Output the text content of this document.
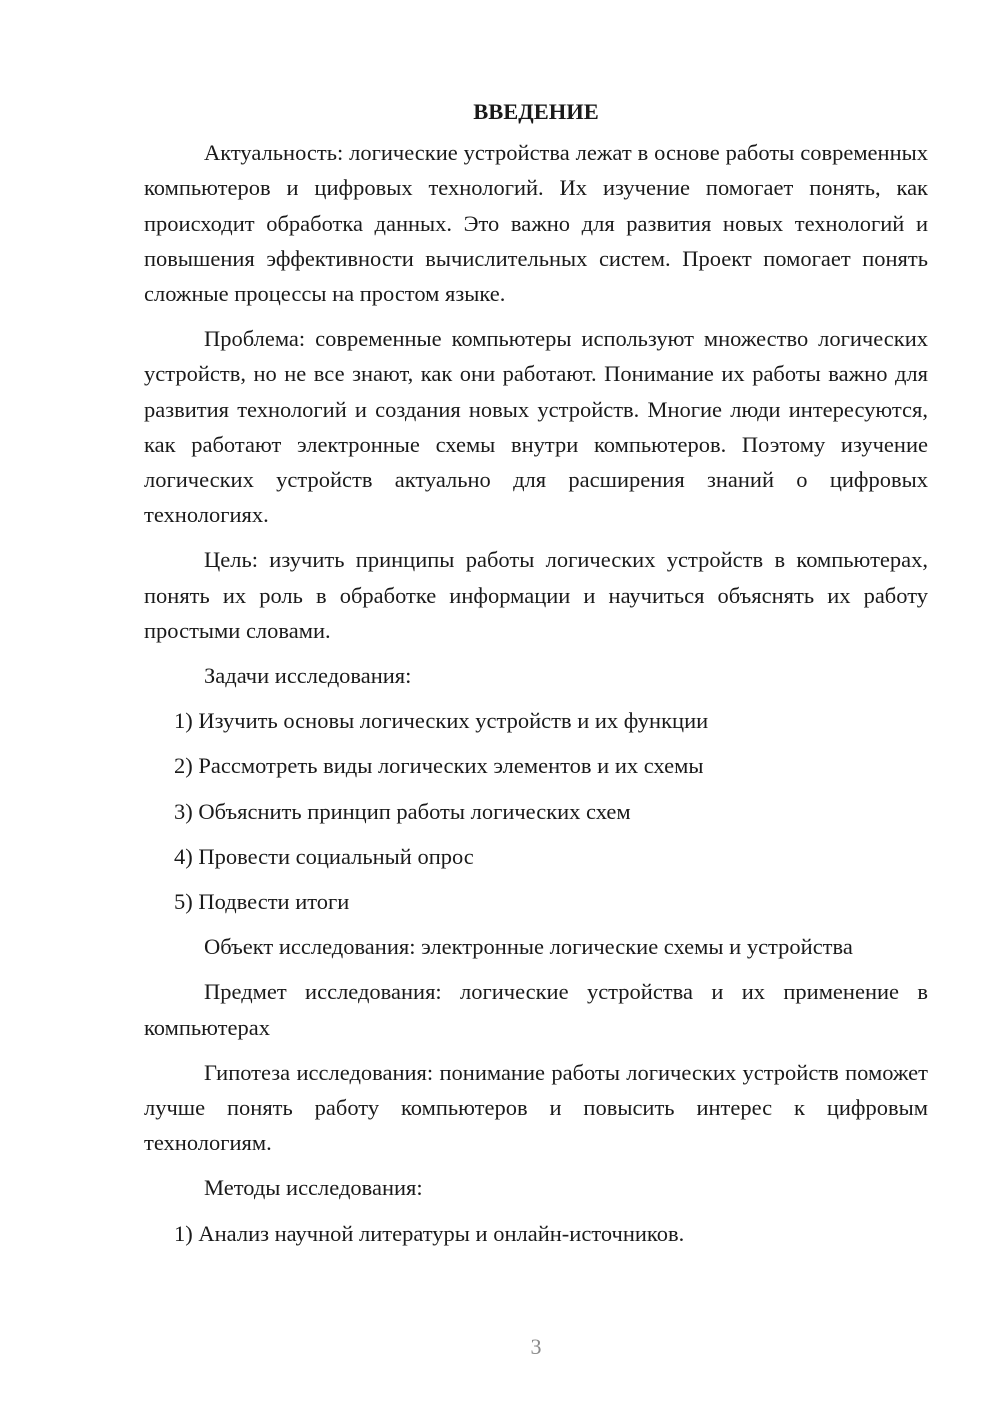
ВВЕДЕНИЕ

Актуальность: логические устройства лежат в основе работы современных компьютеров и цифровых технологий. Их изучение помогает понять, как происходит обработка данных. Это важно для развития новых технологий и повышения эффективности вычислительных систем. Проект помогает понять сложные процессы на простом языке.

Проблема: современные компьютеры используют множество логических устройств, но не все знают, как они работают. Понимание их работы важно для развития технологий и создания новых устройств. Многие люди интересуются, как работают электронные схемы внутри компьютеров. Поэтому изучение логических устройств актуально для расширения знаний о цифровых технологиях.

Цель: изучить принципы работы логических устройств в компьютерах, понять их роль в обработке информации и научиться объяснять их работу простыми словами.

Задачи исследования:

1) Изучить основы логических устройств и их функции
2) Рассмотреть виды логических элементов и их схемы
3) Объяснить принцип работы логических схем
4) Провести социальный опрос
5) Подвести итоги

Объект исследования: электронные логические схемы и устройства

Предмет исследования: логические устройства и их применение в компьютерах

Гипотеза исследования: понимание работы логических устройств поможет лучше понять работу компьютеров и повысить интерес к цифровым технологиям.

Методы исследования:

1) Анализ научной литературы и онлайн-источников.
3
